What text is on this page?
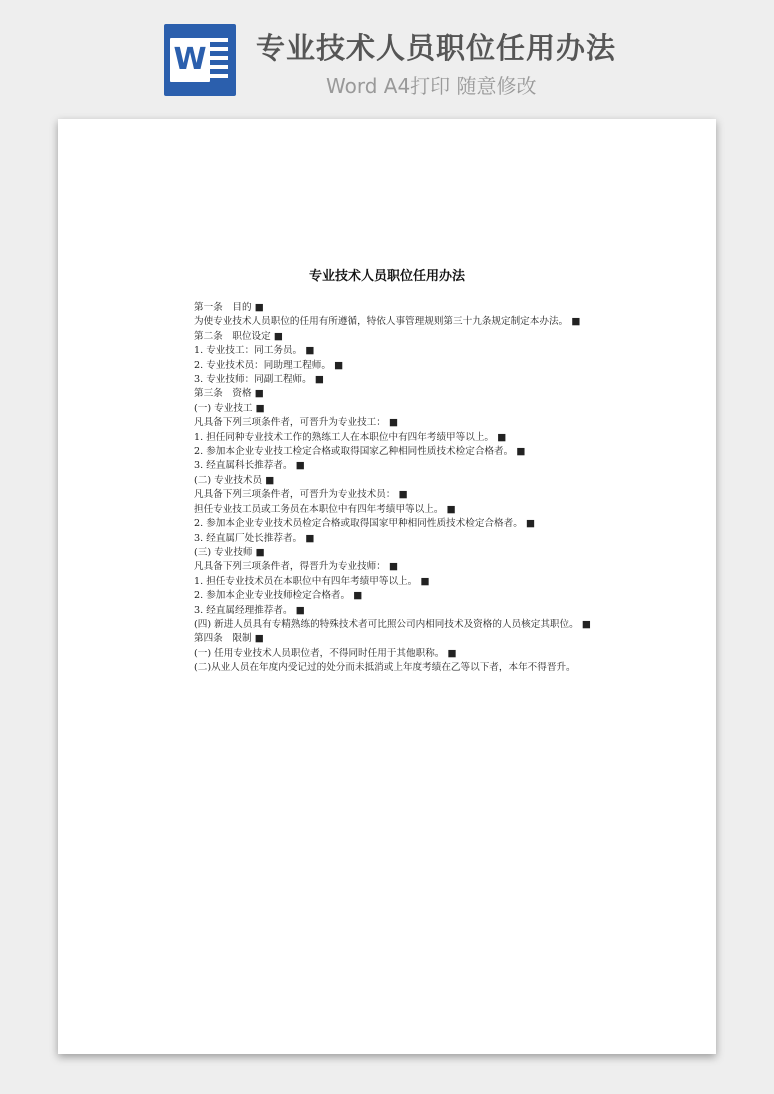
W 专业技术人员职位任用办法
Word A4打印 随意修改
专业技术人员职位任用办法

第一条　目的 ■

为使专业技术人员职位的任用有所遵循，特依人事管理规则第三十九条规定制定本办法。 ■

第二条　职位设定 ■

1. 专业技工：同工务员。 ■

2. 专业技术员：同助理工程师。 ■

3. 专业技师：同副工程师。 ■

第三条　资格 ■

(一) 专业技工 ■

凡具备下列三项条件者，可晋升为专业技工： ■

1. 担任同种专业技术工作的熟练工人在本职位中有四年考绩甲等以上。 ■

2. 参加本企业专业技工检定合格或取得国家乙种相同性质技术检定合格者。 ■

3. 经直属科长推荐者。 ■

(二) 专业技术员 ■

凡具备下列三项条件者，可晋升为专业技术员： ■

担任专业技工员或工务员在本职位中有四年考绩甲等以上。 ■

2. 参加本企业专业技术员检定合格或取得国家甲种相同性质技术检定合格者。 ■

3. 经直属厂处长推荐者。 ■

(三) 专业技师 ■

凡具备下列三项条件者，得晋升为专业技师： ■

1. 担任专业技术员在本职位中有四年考绩甲等以上。 ■

2. 参加本企业专业技师检定合格者。 ■

3. 经直属经理推荐者。 ■

(四) 新进人员具有专精熟练的特殊技术者可比照公司内相同技术及资格的人员核定其职位。 ■

第四条　限制 ■

(一) 任用专业技术人员职位者，不得同时任用于其他职称。 ■

(二)从业人员在年度内受记过的处分而未抵消或上年度考绩在乙等以下者，本年不得晋升。
